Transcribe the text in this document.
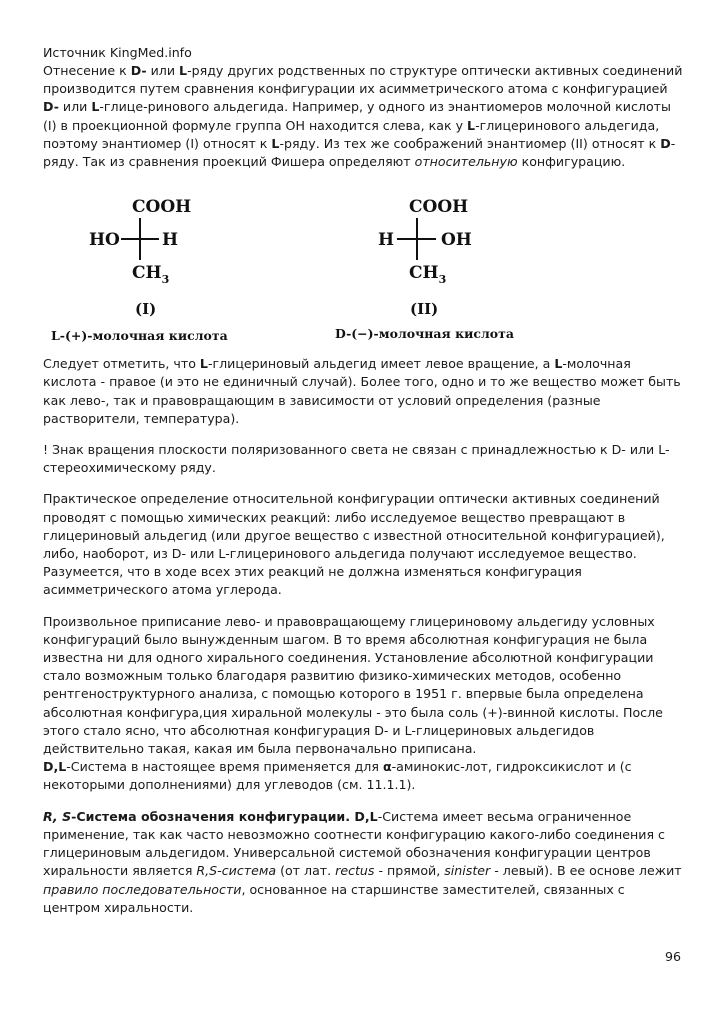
Источник KingMed.info

Отнесение к D- или L-ряду других родственных по структуре оптически активных соединений производится путем сравнения конфигурации их асимметрического атома с конфигурацией D- или L-глице-ринового альдегида. Например, у одного из энантиомеров молочной кислоты (I) в проекционной формуле группа ОН находится слева, как у L-глицеринового альдегида, поэтому энантиомер (I) относят к L-ряду. Из тех же соображений энантиомер (II) относят к D-ряду. Так из сравнения проекций Фишера определяют относительную конфигурацию.

COOH
HO H
$CH_3$
(I)
L-(+)-молочная кислота
COOH
H	OH
$CH_3$
(II)
D-(−)-молочная кислота

Следует отметить, что L-глицериновый альдегид имеет левое вращение, а L-молочная кислота - правое (и это не единичный случай). Более того, одно и то же вещество может быть как лево-, так и правовращающим в зависимости от условий определения (разные растворители, температура).

! Знак вращения плоскости поляризованного света не связан с принадлежностью к D- или L-стереохимическому ряду.

Практическое определение относительной конфигурации оптически активных соединений проводят с помощью химических реакций: либо исследуемое вещество превращают в глицериновый альдегид (или другое вещество с известной относительной конфигурацией), либо, наоборот, из D- или L-глицеринового альдегида получают исследуемое вещество. Разумеется, что в ходе всех этих реакций не должна изменяться конфигурация асимметрического атома углерода.

Произвольное приписание лево- и правовращающему глицериновому альдегиду условных конфигураций было вынужденным шагом. В то время абсолютная конфигурация не была известна ни для одного хирального соединения. Установление абсолютной конфигурации стало возможным только благодаря развитию физико-химических методов, особенно рентгеноструктурного анализа, с помощью которого в 1951 г. впервые была определена абсолютная конфигура,ция хиральной молекулы - это была соль (+)-винной кислоты. После этого стало ясно, что абсолютная конфигурация D- и L-глицериновых альдегидов действительно такая, какая им была первоначально приписана.

D,L-Система в настоящее время применяется для α-аминокис-лот, гидроксикислот и (с некоторыми дополнениями) для углеводов (см. 11.1.1).

R, S-Система обозначения конфигурации. D,L-Система имеет весьма ограниченное применение, так как часто невозможно соотнести конфигурацию какого-либо соединения с глицериновым альдегидом. Универсальной системой обозначения конфигурации центров хиральности является R,S-система (от лат. rectus - прямой, sinister - левый). В ее основе лежит правило последовательности, основанное на старшинстве заместителей, связанных с центром хиральности.

96
